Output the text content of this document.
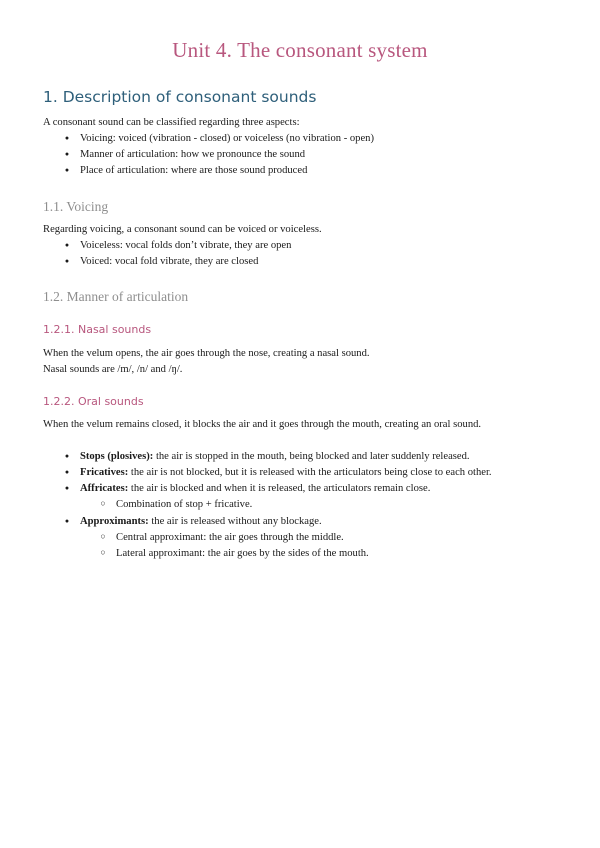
Unit 4. The consonant system
1. Description of consonant sounds
A consonant sound can be classified regarding three aspects:
●
Voicing: voiced (vibration - closed) or voiceless (no vibration - open)
●
Manner of articulation: how we pronounce the sound
●
Place of articulation: where are those sound produced
1.1. Voicing
Regarding voicing, a consonant sound can be voiced or voiceless.
●
Voiceless: vocal folds don’t vibrate, they are open
●
Voiced: vocal fold vibrate, they are closed
1.2. Manner of articulation
1.2.1. Nasal sounds
When the velum opens, the air goes through the nose, creating a nasal sound.
Nasal sounds are /m/, /n/ and /ŋ/.
1.2.2. Oral sounds
When the velum remains closed, it blocks the air and it goes through the mouth, creating an oral sound.
●
Stops (plosives): the air is stopped in the mouth, being blocked and later suddenly released.
●
Fricatives: the air is not blocked, but it is released with the articulators being close to each other.
●
Affricates: the air is blocked and when it is released, the articulators remain close.
○
Combination of stop + fricative.
●
Approximants: the air is released without any blockage.
○
Central approximant: the air goes through the middle.
○
Lateral approximant: the air goes by the sides of the mouth.
